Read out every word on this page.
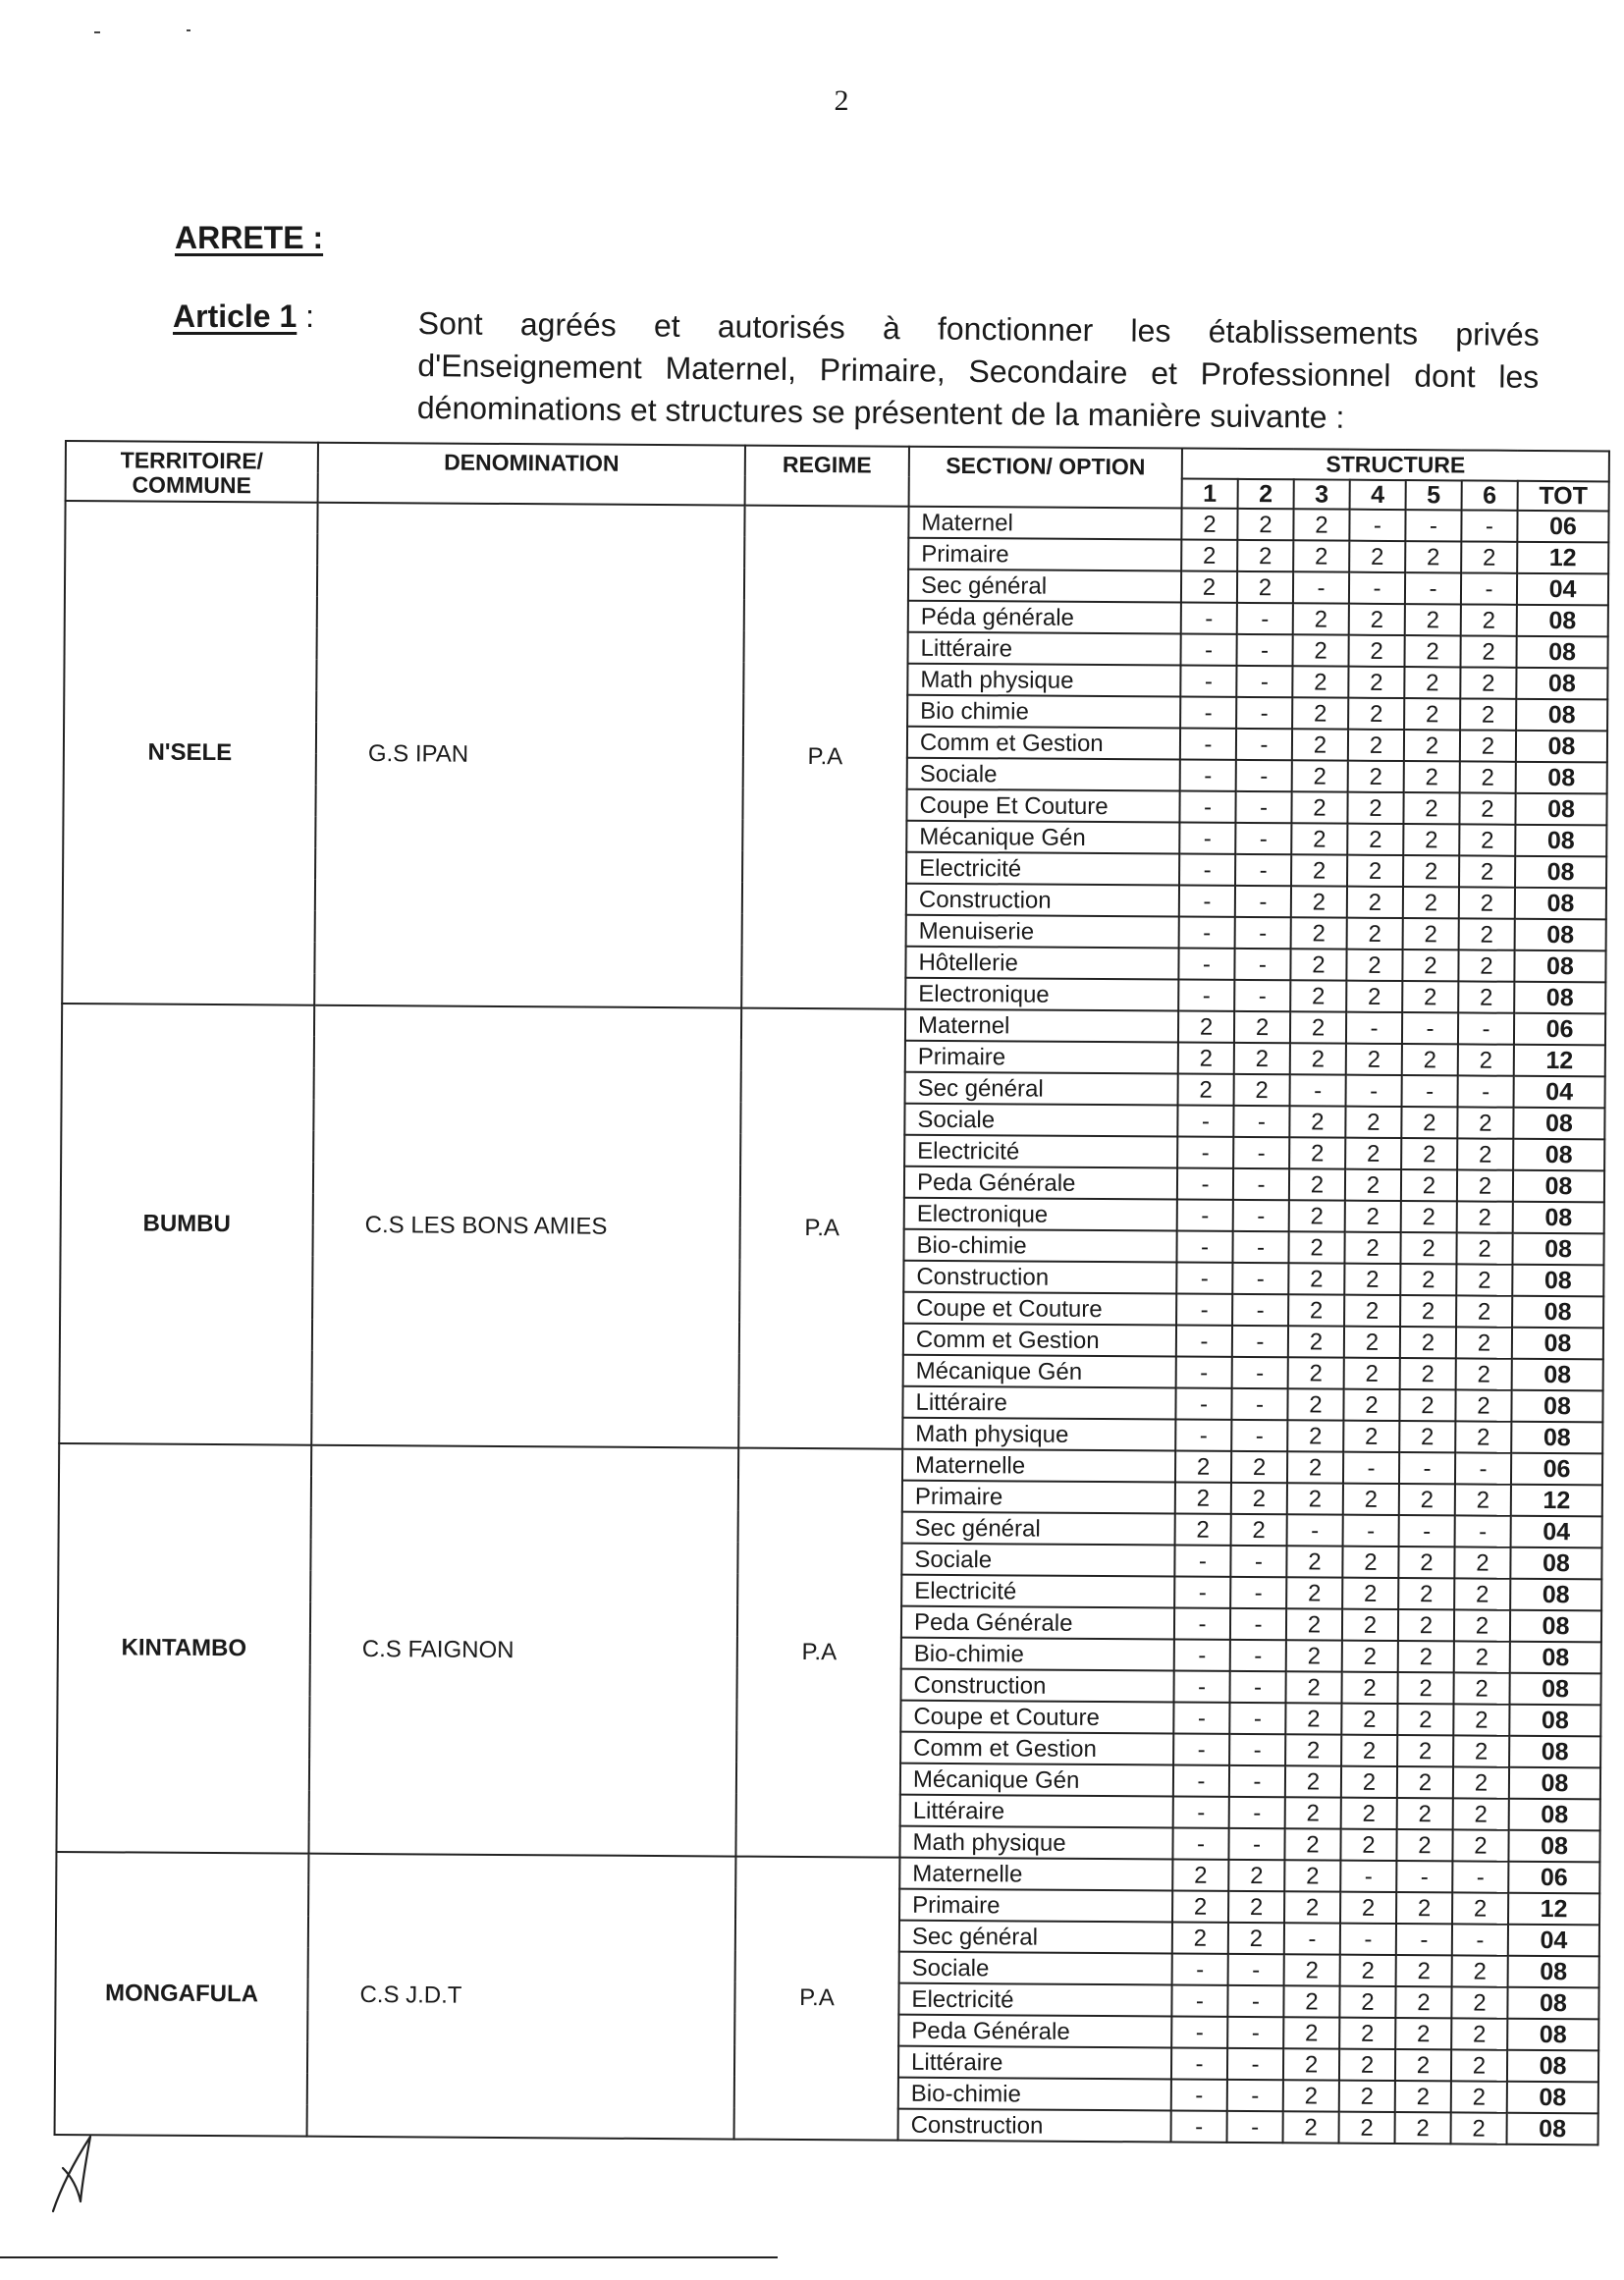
2
ARRETE :
Article 1 :	Sont agréés et autorisés à fonctionner les établissements privés d'Enseignement Maternel, Primaire, Secondaire et Professionnel dont les dénominations et structures se présentent de la manière suivante :
TERRITOIRE/ COMMUNE	DENOMINATION	REGIME	SECTION/ OPTION	STRUCTURE						
				1	2	3	4	5	6	TOT
N'SELE	G.S IPAN	P.A	Maternel	2	2	2	-	-	-	06
			Primaire	2	2	2	2	2	2	12
			Sec général	2	2	-	-	-	-	04
			Péda générale	-	-	2	2	2	2	08
			Littéraire	-	-	2	2	2	2	08
			Math physique	-	-	2	2	2	2	08
			Bio chimie	-	-	2	2	2	2	08
			Comm et Gestion	-	-	2	2	2	2	08
			Sociale	-	-	2	2	2	2	08
			Coupe Et Couture	-	-	2	2	2	2	08
			Mécanique Gén	-	-	2	2	2	2	08
			Electricité	-	-	2	2	2	2	08
			Construction	-	-	2	2	2	2	08
			Menuiserie	-	-	2	2	2	2	08
			Hôtellerie	-	-	2	2	2	2	08
			Electronique	-	-	2	2	2	2	08
BUMBU	C.S LES BONS AMIES	P.A	Maternel	2	2	2	-	-	-	06
			Primaire	2	2	2	2	2	2	12
			Sec général	2	2	-	-	-	-	04
			Sociale	-	-	2	2	2	2	08
			Electricité	-	-	2	2	2	2	08
			Peda Générale	-	-	2	2	2	2	08
			Electronique	-	-	2	2	2	2	08
			Bio-chimie	-	-	2	2	2	2	08
			Construction	-	-	2	2	2	2	08
			Coupe et Couture	-	-	2	2	2	2	08
			Comm et Gestion	-	-	2	2	2	2	08
			Mécanique Gén	-	-	2	2	2	2	08
			Littéraire	-	-	2	2	2	2	08
			Math physique	-	-	2	2	2	2	08
KINTAMBO	C.S FAIGNON	P.A	Maternelle	2	2	2	-	-	-	06
			Primaire	2	2	2	2	2	2	12
			Sec général	2	2	-	-	-	-	04
			Sociale	-	-	2	2	2	2	08
			Electricité	-	-	2	2	2	2	08
			Peda Générale	-	-	2	2	2	2	08
			Bio-chimie	-	-	2	2	2	2	08
			Construction	-	-	2	2	2	2	08
			Coupe et Couture	-	-	2	2	2	2	08
			Comm et Gestion	-	-	2	2	2	2	08
			Mécanique Gén	-	-	2	2	2	2	08
			Littéraire	-	-	2	2	2	2	08
			Math physique	-	-	2	2	2	2	08
MONGAFULA	C.S J.D.T	P.A	Maternelle	2	2	2	-	-	-	06
			Primaire	2	2	2	2	2	2	12
			Sec général	2	2	-	-	-	-	04
			Sociale	-	-	2	2	2	2	08
			Electricité	-	-	2	2	2	2	08
			Peda Générale	-	-	2	2	2	2	08
			Littéraire	-	-	2	2	2	2	08
			Bio-chimie	-	-	2	2	2	2	08
			Construction	-	-	2	2	2	2	08
